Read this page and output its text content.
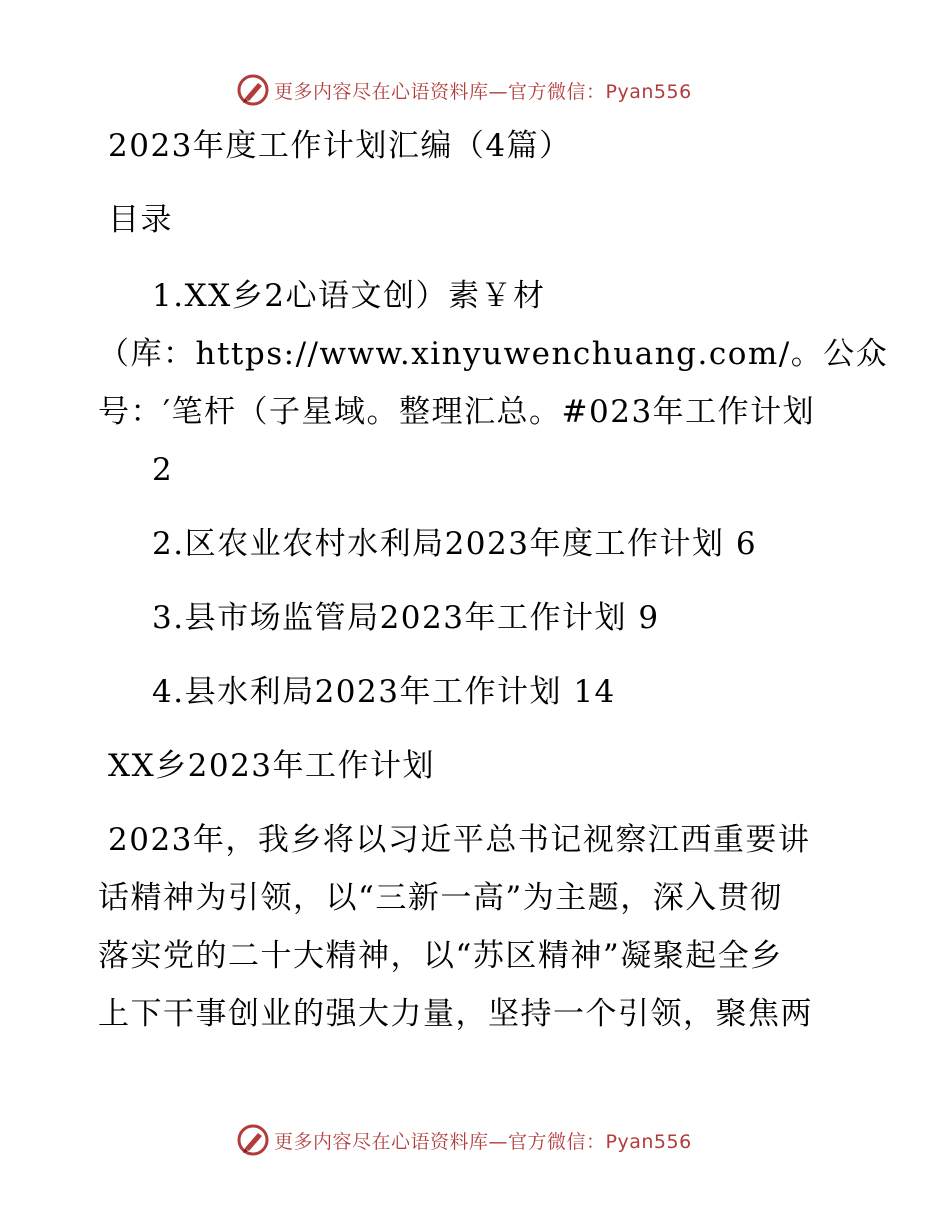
更多内容尽在心语资料库—官方微信：Pyan556
2023年度工作计划汇编（4篇）
目录
1.XX乡2心语文创）素￥材
（库：https://www.xinyuwenchuang.com/。公众
号：′笔杆（子星域。整理汇总。#023年工作计划
2
2.区农业农村水利局2023年度工作计划 6
3.县市场监管局2023年工作计划 9
4.县水利局2023年工作计划 14
XX乡2023年工作计划
2023年，我乡将以习近平总书记视察江西重要讲
话精神为引领，以“三新一高”为主题，深入贯彻
落实党的二十大精神，以“苏区精神”凝聚起全乡
上下干事创业的强大力量，坚持一个引领，聚焦两
更多内容尽在心语资料库—官方微信：Pyan556
